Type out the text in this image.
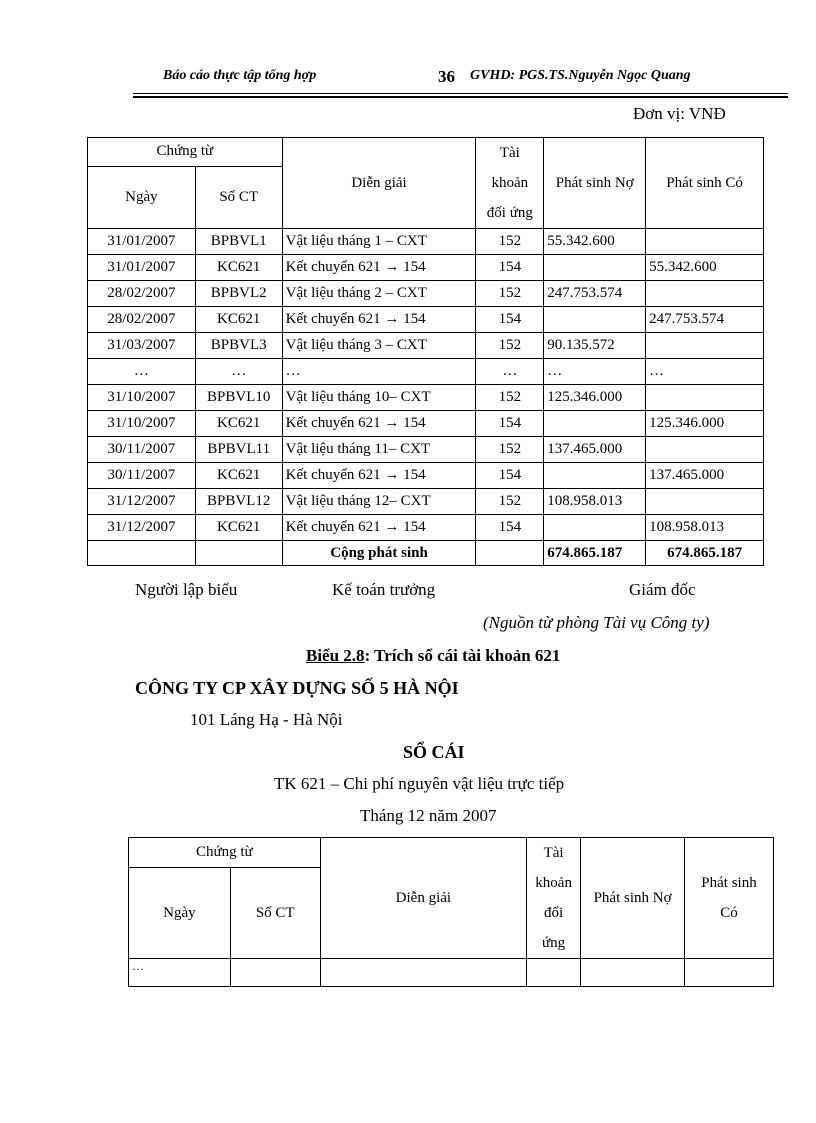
Báo cáo thực tập tổng hợp	36 GVHD: PGS.TS.Nguyễn Ngọc Quang
Đơn vị: VNĐ
Chứng từ		Diễn giải	Tài
khoản
đối ứng	Phát sinh Nợ	Phát sinh Có
Ngày	Số CT				
31/01/2007	BPBVL1	Vật liệu tháng 1 – CXT	152	55.342.600	
31/01/2007	KC621	Kết chuyển 621 → 154	154		55.342.600
28/02/2007	BPBVL2	Vật liệu tháng 2 – CXT	152	247.753.574	
28/02/2007	KC621	Kết chuyển 621 → 154	154		247.753.574
31/03/2007	BPBVL3	Vật liệu tháng 3 – CXT	152	90.135.572	
…	…	…	…	…	…
31/10/2007	BPBVL10	Vật liệu tháng 10– CXT	152	125.346.000	
31/10/2007	KC621	Kết chuyển 621 → 154	154		125.346.000
30/11/2007	BPBVL11	Vật liệu tháng 11– CXT	152	137.465.000	
30/11/2007	KC621	Kết chuyển 621 → 154	154		137.465.000
31/12/2007	BPBVL12	Vật liệu tháng 12– CXT	152	108.958.013	
31/12/2007	KC621	Kết chuyển 621 → 154	154		108.958.013
		Cộng phát sinh		674.865.187	674.865.187
Người lập biểu	Kế toán trưởng	Giám đốc
(Nguồn từ phòng Tài vụ Công ty)
Biểu 2.8: Trích sổ cái tài khoản 621
CÔNG TY CP XÂY DỰNG SỐ 5 HÀ NỘI
101 Láng Hạ - Hà Nội
SỔ CÁI
TK 621 – Chi phí nguyên vật liệu trực tiếp
Tháng 12 năm 2007
Chứng từ		Diễn giải	Tài
khoản
đối
ứng	Phát sinh Nợ	Phát sinh
Có
Ngày	Số CT				
…					
